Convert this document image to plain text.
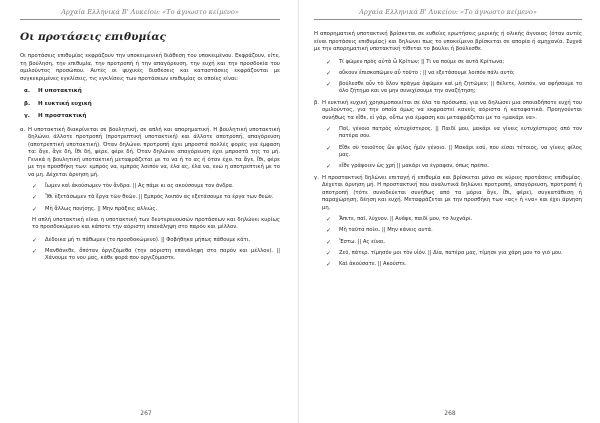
Αρχαία Ελληνικά Β' Λυκείου: «Το άγνωστο κείμενο»
Οι προτάσεις επιθυμίας

Οι προτάσεις επιθυμίας εκφράζουν την υποκειμενική διάθεση του υποκειμένου. Εκφράζουν, είτε, τη βούληση, την επιθυμία, την προτροπή ή την απαγόρευση, την ευχή και την προσδοκία του ομιλούντος προσώπου. Αυτές οι ψυχικές διαθέσεις και καταστάσεις εκφράζονται με συγκεκριμένες εγκλίσεις, τις εγκλίσεις των προτάσεων επιθυμίας οι οποίες είναι:

α. Η υποτακτική
β. Η ευκτική ευχική
γ. Η προστακτική
α. Η υποτακτική διακρίνεται σε βουλητική, σε απλή και απορηματική. Η βουλητική υποτακτική δηλώνει άλλοτε προτροπή (προτρεπτική υποτακτική) και άλλοτε αποτροπή, απαγόρευση (αποτρεπτική υποτακτική). Όταν δηλώνει προτροπή έχει μπροστά πολλές φορές για έμφαση τα: ἄγε, ἄγε δή, ἴθι δή, φέρε, φέρε δή. Όταν δηλώνει απαγόρευση έχει μπροστά της το μή. Γενικά η βουλητική υποτακτική μεταφράζεται με το να ή το ας ή όταν έχει τα ἄγε, ἴθι, φέρε με την προσθήκη των: εμπρός να, εμπρός λοιπόν να, έλα ας, έλα να, ενώ η αποτρεπτική με το να μη. Δέχεται άρνηση μή.
✓ ἴωμεν καὶ ἀκούσωμεν τὸν ἄνδρα. || Ας πάμε κι ας ακούσουμε τον άνδρα.
✓ Ἴθι ἐξετάσωμεν τὰ ἔργα τῶν θεῶν. || Εμπρός λοιπόν ας εξετάσουμε τα έργα των θεών.
✓ Μὴ ἄλλως ποιήσῃς. || Μην πράξεις αλλιώς.

Η απλή υποτακτική είναι η υποτακτική των δευτερευουσών προτάσεων και δηλώνει κυρίως το προσδοκώμενο και κάποτε την αόριστη επανάληψη στο παρόν και μέλλον.

✓ Δέδοικα μή τι πάθωμεν (το προσδοκώμενο). || Φοβήθηκα μήπως πάθουμε κάτι.
✓ Μανθάνεθε, ὅπόταν ὀργιζόμεθα (την αόριστη επανάληψη στο παρόν και μέλλον). || Χάνουμε το νου μας, κάθε φορά που οργιζόμαστε.
267
Αρχαία Ελληνικά Β' Λυκείου: «Το άγνωστο κείμενο»

Η απορηματική υποτακτική βρίσκεται σε ευθείες ερωτήσεις μερικής ή ολικής άγνοιας (όταν αυτές είναι προτάσεις επιθυμίας) και δηλώνει πως το υποκείμενο βρίσκεται σε απορία ή αμηχανία. Συχνά με την απορηματική υποτακτική τίθεται το βούλει ή βούλεσθε.

✓ Τί φῶμεν πρὸς αὐτὰ ὦ Κρίτων; || Τι να πούμε σε αυτά Κρίτωνα;
✓ οὔκουν ἐπισκοπῶμεν αὖ τοῦτο ; || να εξετάσουμε λοιπόν πάλι αυτό;
✓ βούλεσθε οὖν τὸ ὅλον πρᾶγμα ἀφῶμεν καὶ μὴ ζητῶμεν; || θέλετε, λοιπόν, να αφήσουμε το όλο ζήτημα και να μην συνεχίσουμε την αναζήτηση;
β. Η ευκτική ευχική χρησιμοποιείται σε όλα τα πρόσωπα, για να δηλώσει μια οποιαδήποτε ευχή του ομιλούντος, για την οποία όμως να εκφραστεί κανείς αόριστα ή καταφατικά. Προηγούνται συνήθως τα εἴθε, εἰ γάρ, οὕτω για έμφαση και μεταφράζεται με το «μακάρι να».
✓ Παῖ, γένοιο πατρὸς εὐτυχέστερος. || Παιδί μου, μακάρι να γίνεις ευτυχέστερος από τον πατέρα σου.
✓ Εἴθε σὺ τοιοῦτος ὢν φίλος ἡμῖν γένοιο. || Μακάρι εσύ, που είσαι τέτοιος, να γίνεις φίλος μας.
✓ εἴθε γράφοιεν ὡς χρή || μακάρι να έγραφαν, όπως πρέπει.
γ. Η προστακτική δηλώνει επιταγή ή επιθυμία και βρίσκεται μόνο σε κύριες προτάσεις επιθυμίας. Δέχεται άρνηση μή. Η προστακτική που αναλυτικά δηλώνει προτροπή, απαγόρευση, προτροπή ή αποτροπή (τότε συνοδεύεται συνήθως από τα μόρια ἄγε, ἴθι, φέρε), συγκατάθεση ή παραχώρηση, δέηση και ευχή. Μεταφράζεται με την προσθήκη των «ας» ή «να» και έχει άρνηση μη.
✓ Ἄπιτε, παῖ, λύχνον. || Ανάψε, παιδί μου, το λυχνάρι.
✓ Μὴ ταῦτα ποίει. || Μην κάνεις αυτά.
✓ Ἔστω. || Ας είναι.
✓ Ζεῦ, πάτερ, τίμησόν μοι τὸν υἱόν. || Δία, πατέρα μας, τίμησε για χάρη μου το γιό μου.
✓ Καὶ ἀκούσατε. || Ακούστε.
268
